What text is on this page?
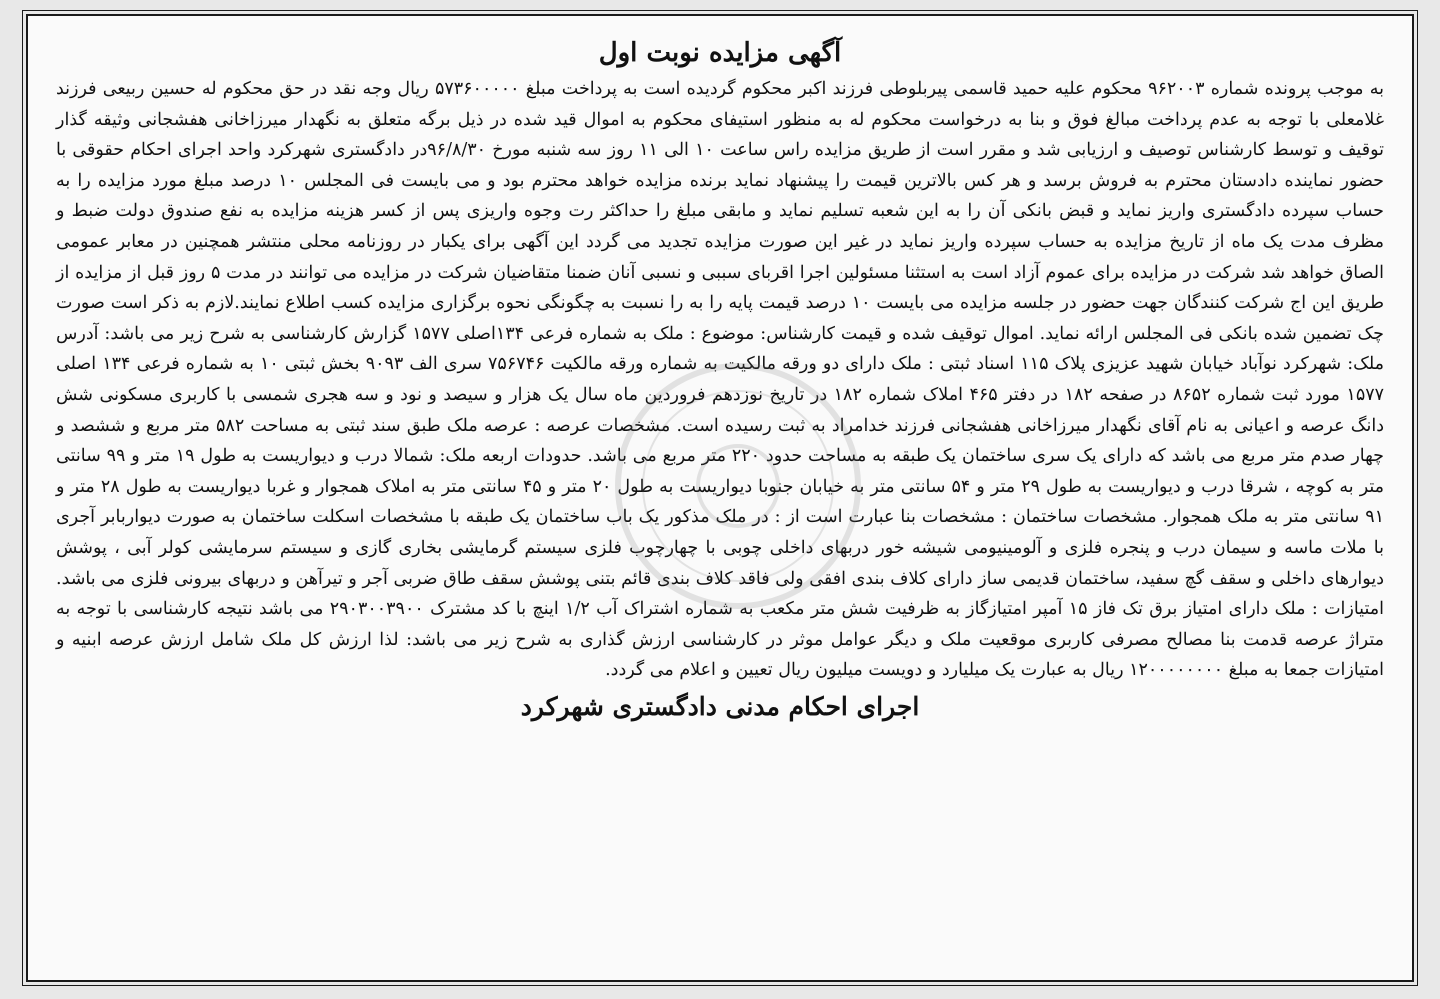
آگهی مزایده نوبت اول

به موجب پرونده شماره ۹۶۲۰۰۳ محکوم علیه حمید قاسمی پیربلوطی فرزند اکبر محکوم گردیده است به پرداخت مبلغ ۵۷۳۶۰۰۰۰۰ ریال وجه نقد در حق محکوم له حسین ربیعی فرزند غلامعلی با توجه به عدم پرداخت مبالغ فوق و بنا به درخواست محکوم له به منظور استیفای محکوم به اموال قید شده در ذیل برگه متعلق به نگهدار میرزاخانی هفشجانی وثیقه گذار توقیف و توسط کارشناس توصیف و ارزیابی شد و مقرر است از طریق مزایده راس ساعت ۱۰ الی ۱۱ روز سه شنبه مورخ ۹۶/۸/۳۰در دادگستری شهرکرد واحد اجرای احکام حقوقی با حضور نماینده دادستان محترم به فروش برسد و هر کس بالاترین قیمت را پیشنهاد نماید برنده مزایده خواهد محترم بود و می بایست فی المجلس ۱۰ درصد مبلغ مورد مزایده را به حساب سپرده دادگستری واریز نماید و قبض بانکی آن را به این شعبه تسلیم نماید و مابقی مبلغ را حداکثر رت وجوه واریزی پس از کسر هزینه مزایده به نفع صندوق دولت ضبط و مظرف مدت یک ماه از تاریخ مزایده به حساب سپرده واریز نماید در غیر این صورت مزایده تجدید می گردد این آگهی برای یکبار در روزنامه محلی منتشر همچنین در معابر عمومی الصاق خواهد شد شرکت در مزایده برای عموم آزاد است به استثنا مسئولین اجرا اقربای سببی و نسبی آنان ضمنا متقاضیان شرکت در مزایده می توانند در مدت ۵ روز قبل از مزایده از طریق این اج شرکت کنندگان جهت حضور در جلسه مزایده می بایست ۱۰ درصد قیمت پایه را به را نسبت به چگونگی نحوه برگزاری مزایده کسب اطلاع نمایند.لازم به ذکر است صورت چک تضمین شده بانکی فی المجلس ارائه نماید. اموال توقیف شده و قیمت کارشناس: موضوع : ملک به شماره فرعی ۱۳۴اصلی ۱۵۷۷ گزارش کارشناسی به شرح زیر می باشد: آدرس ملک: شهرکرد نوآباد خیابان شهید عزیزی پلاک ۱۱۵ اسناد ثبتی : ملک دارای دو ورقه مالکیت به شماره ورقه مالکیت ۷۵۶۷۴۶ سری الف ۹۰۹۳ بخش ثبتی ۱۰ به شماره فرعی ۱۳۴ اصلی ۱۵۷۷ مورد ثبت شماره ۸۶۵۲ در صفحه ۱۸۲ در دفتر ۴۶۵ املاک شماره ۱۸۲ در تاریخ نوزدهم فروردین ماه سال یک هزار و سیصد و نود و سه هجری شمسی با کاربری مسکونی شش دانگ عرصه و اعیانی به نام آقای نگهدار میرزاخانی هفشجانی فرزند خدامراد به ثبت رسیده است. مشخصات عرصه : عرصه ملک طبق سند ثبتی به مساحت ۵۸۲ متر مربع و ششصد و چهار صدم متر مربع می باشد که دارای یک سری ساختمان یک طبقه به مساحت حدود ۲۲۰ متر مربع می باشد. حدودات اربعه ملک: شمالا درب و دیواریست به طول ۱۹ متر و ۹۹ سانتی متر به کوچه ، شرقا درب و دیواریست به طول ۲۹ متر و ۵۴ سانتی متر به خیابان جنوبا دیواریست به طول ۲۰ متر و ۴۵ سانتی متر به املاک همجوار و غربا دیواریست به طول ۲۸ متر و ۹۱ سانتی متر به ملک همجوار. مشخصات ساختمان : مشخصات بنا عبارت است از : در ملک مذکور یک باب ساختمان یک طبقه با مشخصات اسکلت ساختمان به صورت دیواربابر آجری با ملات ماسه و سیمان درب و پنجره فلزی و آلومینیومی شیشه خور دربهای داخلی چوبی با چهارچوب فلزی سیستم گرمایشی بخاری گازی و سیستم سرمایشی کولر آبی ، پوشش دیوارهای داخلی و سقف گچ سفید، ساختمان قدیمی ساز دارای کلاف بندی افقی ولی فاقد کلاف بندی قائم بتنی پوشش سقف طاق ضربی آجر و تیرآهن و دربهای بیرونی فلزی می باشد. امتیازات : ملک دارای امتیاز برق تک فاز ۱۵ آمپر امتیازگاز به ظرفیت شش متر مکعب به شماره اشتراک آب ۱/۲ اینچ با کد مشترک ۲۹۰۳۰۰۳۹۰۰ می باشد نتیجه کارشناسی با توجه به متراژ عرصه قدمت بنا مصالح مصرفی کاربری موقعیت ملک و دیگر عوامل موثر در کارشناسی ارزش گذاری به شرح زیر می باشد: لذا ارزش کل ملک شامل ارزش عرصه ابنیه و امتیازات جمعا به مبلغ ۱۲۰۰۰۰۰۰۰۰ ریال به عبارت یک میلیارد و دویست میلیون ریال تعیین و اعلام می گردد.

اجرای احکام مدنی دادگستری شهرکرد
